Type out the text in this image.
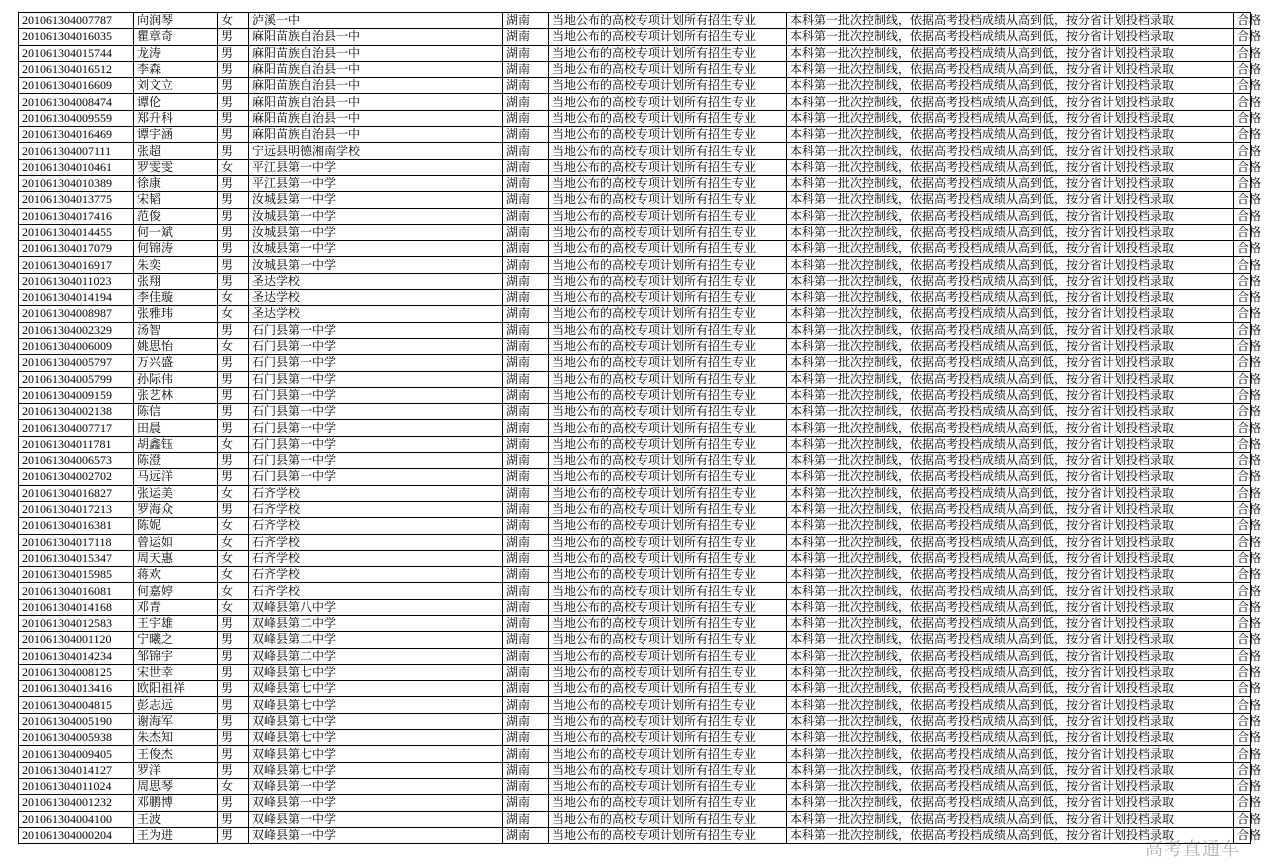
201061304007787	向润琴	女	泸溪一中	湖南	当地公布的高校专项计划所有招生专业	本科第一批次控制线，依据高考投档成绩从高到低，按分省计划投档录取	合格
201061304016035	瞿章奇	男	麻阳苗族自治县一中	湖南	当地公布的高校专项计划所有招生专业	本科第一批次控制线，依据高考投档成绩从高到低，按分省计划投档录取	合格
201061304015744	龙涛	男	麻阳苗族自治县一中	湖南	当地公布的高校专项计划所有招生专业	本科第一批次控制线，依据高考投档成绩从高到低，按分省计划投档录取	合格
201061304016512	李森	男	麻阳苗族自治县一中	湖南	当地公布的高校专项计划所有招生专业	本科第一批次控制线，依据高考投档成绩从高到低，按分省计划投档录取	合格
201061304016609	刘文立	男	麻阳苗族自治县一中	湖南	当地公布的高校专项计划所有招生专业	本科第一批次控制线，依据高考投档成绩从高到低，按分省计划投档录取	合格
201061304008474	谭伦	男	麻阳苗族自治县一中	湖南	当地公布的高校专项计划所有招生专业	本科第一批次控制线，依据高考投档成绩从高到低，按分省计划投档录取	合格
201061304009559	郑升科	男	麻阳苗族自治县一中	湖南	当地公布的高校专项计划所有招生专业	本科第一批次控制线，依据高考投档成绩从高到低，按分省计划投档录取	合格
201061304016469	谭宇涵	男	麻阳苗族自治县一中	湖南	当地公布的高校专项计划所有招生专业	本科第一批次控制线，依据高考投档成绩从高到低，按分省计划投档录取	合格
201061304007111	张超	男	宁远县明德湘南学校	湖南	当地公布的高校专项计划所有招生专业	本科第一批次控制线，依据高考投档成绩从高到低，按分省计划投档录取	合格
201061304010461	罗雯雯	女	平江县第一中学	湖南	当地公布的高校专项计划所有招生专业	本科第一批次控制线，依据高考投档成绩从高到低，按分省计划投档录取	合格
201061304010389	徐康	男	平江县第一中学	湖南	当地公布的高校专项计划所有招生专业	本科第一批次控制线，依据高考投档成绩从高到低，按分省计划投档录取	合格
201061304013775	宋韬	男	汝城县第一中学	湖南	当地公布的高校专项计划所有招生专业	本科第一批次控制线，依据高考投档成绩从高到低，按分省计划投档录取	合格
201061304017416	范俊	男	汝城县第一中学	湖南	当地公布的高校专项计划所有招生专业	本科第一批次控制线，依据高考投档成绩从高到低，按分省计划投档录取	合格
201061304014455	何一斌	男	汝城县第一中学	湖南	当地公布的高校专项计划所有招生专业	本科第一批次控制线，依据高考投档成绩从高到低，按分省计划投档录取	合格
201061304017079	何锦涛	男	汝城县第一中学	湖南	当地公布的高校专项计划所有招生专业	本科第一批次控制线，依据高考投档成绩从高到低，按分省计划投档录取	合格
201061304016917	朱奕	男	汝城县第一中学	湖南	当地公布的高校专项计划所有招生专业	本科第一批次控制线，依据高考投档成绩从高到低，按分省计划投档录取	合格
201061304011023	张翔	男	圣达学校	湖南	当地公布的高校专项计划所有招生专业	本科第一批次控制线，依据高考投档成绩从高到低，按分省计划投档录取	合格
201061304014194	李佳璇	女	圣达学校	湖南	当地公布的高校专项计划所有招生专业	本科第一批次控制线，依据高考投档成绩从高到低，按分省计划投档录取	合格
201061304008987	张雅玮	女	圣达学校	湖南	当地公布的高校专项计划所有招生专业	本科第一批次控制线，依据高考投档成绩从高到低，按分省计划投档录取	合格
201061304002329	汤智	男	石门县第一中学	湖南	当地公布的高校专项计划所有招生专业	本科第一批次控制线，依据高考投档成绩从高到低，按分省计划投档录取	合格
201061304006009	姚思怡	女	石门县第一中学	湖南	当地公布的高校专项计划所有招生专业	本科第一批次控制线，依据高考投档成绩从高到低，按分省计划投档录取	合格
201061304005797	万兴盛	男	石门县第一中学	湖南	当地公布的高校专项计划所有招生专业	本科第一批次控制线，依据高考投档成绩从高到低，按分省计划投档录取	合格
201061304005799	孙际伟	男	石门县第一中学	湖南	当地公布的高校专项计划所有招生专业	本科第一批次控制线，依据高考投档成绩从高到低，按分省计划投档录取	合格
201061304009159	张艺林	男	石门县第一中学	湖南	当地公布的高校专项计划所有招生专业	本科第一批次控制线，依据高考投档成绩从高到低，按分省计划投档录取	合格
201061304002138	陈信	男	石门县第一中学	湖南	当地公布的高校专项计划所有招生专业	本科第一批次控制线，依据高考投档成绩从高到低，按分省计划投档录取	合格
201061304007717	田晨	男	石门县第一中学	湖南	当地公布的高校专项计划所有招生专业	本科第一批次控制线，依据高考投档成绩从高到低，按分省计划投档录取	合格
201061304011781	胡鑫钰	女	石门县第一中学	湖南	当地公布的高校专项计划所有招生专业	本科第一批次控制线，依据高考投档成绩从高到低，按分省计划投档录取	合格
201061304006573	陈澄	男	石门县第一中学	湖南	当地公布的高校专项计划所有招生专业	本科第一批次控制线，依据高考投档成绩从高到低，按分省计划投档录取	合格
201061304002702	马远洋	男	石门县第一中学	湖南	当地公布的高校专项计划所有招生专业	本科第一批次控制线，依据高考投档成绩从高到低，按分省计划投档录取	合格
201061304016827	张运美	女	石齐学校	湖南	当地公布的高校专项计划所有招生专业	本科第一批次控制线，依据高考投档成绩从高到低，按分省计划投档录取	合格
201061304017213	罗海众	男	石齐学校	湖南	当地公布的高校专项计划所有招生专业	本科第一批次控制线，依据高考投档成绩从高到低，按分省计划投档录取	合格
201061304016381	陈妮	女	石齐学校	湖南	当地公布的高校专项计划所有招生专业	本科第一批次控制线，依据高考投档成绩从高到低，按分省计划投档录取	合格
201061304017118	曾运如	女	石齐学校	湖南	当地公布的高校专项计划所有招生专业	本科第一批次控制线，依据高考投档成绩从高到低，按分省计划投档录取	合格
201061304015347	周天惠	女	石齐学校	湖南	当地公布的高校专项计划所有招生专业	本科第一批次控制线，依据高考投档成绩从高到低，按分省计划投档录取	合格
201061304015985	蒋欢	女	石齐学校	湖南	当地公布的高校专项计划所有招生专业	本科第一批次控制线，依据高考投档成绩从高到低，按分省计划投档录取	合格
201061304016081	何嘉婷	女	石齐学校	湖南	当地公布的高校专项计划所有招生专业	本科第一批次控制线，依据高考投档成绩从高到低，按分省计划投档录取	合格
201061304014168	邓青	女	双峰县第八中学	湖南	当地公布的高校专项计划所有招生专业	本科第一批次控制线，依据高考投档成绩从高到低，按分省计划投档录取	合格
201061304012583	王宇雄	男	双峰县第二中学	湖南	当地公布的高校专项计划所有招生专业	本科第一批次控制线，依据高考投档成绩从高到低，按分省计划投档录取	合格
201061304001120	宁曦之	男	双峰县第二中学	湖南	当地公布的高校专项计划所有招生专业	本科第一批次控制线，依据高考投档成绩从高到低，按分省计划投档录取	合格
201061304014234	邹锦宇	男	双峰县第二中学	湖南	当地公布的高校专项计划所有招生专业	本科第一批次控制线，依据高考投档成绩从高到低，按分省计划投档录取	合格
201061304008125	宋世幸	男	双峰县第七中学	湖南	当地公布的高校专项计划所有招生专业	本科第一批次控制线，依据高考投档成绩从高到低，按分省计划投档录取	合格
201061304013416	欧阳祖祥	男	双峰县第七中学	湖南	当地公布的高校专项计划所有招生专业	本科第一批次控制线，依据高考投档成绩从高到低，按分省计划投档录取	合格
201061304004815	彭志远	男	双峰县第七中学	湖南	当地公布的高校专项计划所有招生专业	本科第一批次控制线，依据高考投档成绩从高到低，按分省计划投档录取	合格
201061304005190	谢海军	男	双峰县第七中学	湖南	当地公布的高校专项计划所有招生专业	本科第一批次控制线，依据高考投档成绩从高到低，按分省计划投档录取	合格
201061304005938	朱杰知	男	双峰县第七中学	湖南	当地公布的高校专项计划所有招生专业	本科第一批次控制线，依据高考投档成绩从高到低，按分省计划投档录取	合格
201061304009405	王俊杰	男	双峰县第七中学	湖南	当地公布的高校专项计划所有招生专业	本科第一批次控制线，依据高考投档成绩从高到低，按分省计划投档录取	合格
201061304014127	罗洋	男	双峰县第七中学	湖南	当地公布的高校专项计划所有招生专业	本科第一批次控制线，依据高考投档成绩从高到低，按分省计划投档录取	合格
201061304011024	周思琴	女	双峰县第一中学	湖南	当地公布的高校专项计划所有招生专业	本科第一批次控制线，依据高考投档成绩从高到低，按分省计划投档录取	合格
201061304001232	邓鹏博	男	双峰县第一中学	湖南	当地公布的高校专项计划所有招生专业	本科第一批次控制线，依据高考投档成绩从高到低，按分省计划投档录取	合格
201061304004100	王波	男	双峰县第一中学	湖南	当地公布的高校专项计划所有招生专业	本科第一批次控制线，依据高考投档成绩从高到低，按分省计划投档录取	合格
201061304000204	王为进	男	双峰县第一中学	湖南	当地公布的高校专项计划所有招生专业	本科第一批次控制线，依据高考投档成绩从高到低，按分省计划投档录取	合格
高考直通车
